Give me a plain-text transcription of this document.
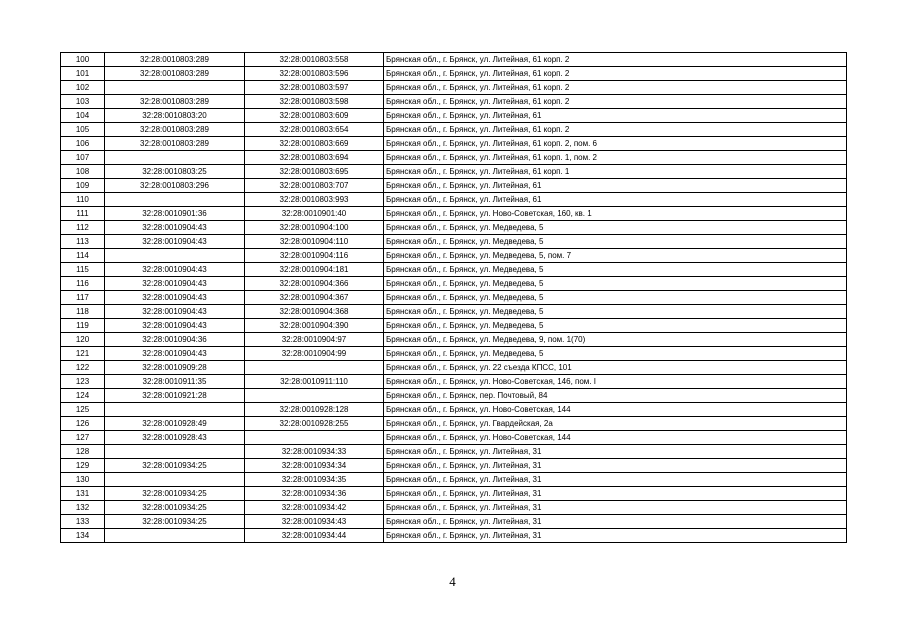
100	32:28:0010803:289	32:28:0010803:558	Брянская обл., г. Брянск, ул. Литейная, 61 корп. 2
101	32:28:0010803:289	32:28:0010803:596	Брянская обл., г. Брянск, ул. Литейная, 61 корп. 2
102		32:28:0010803:597	Брянская обл., г. Брянск, ул. Литейная, 61 корп. 2
103	32:28:0010803:289	32:28:0010803:598	Брянская обл., г. Брянск, ул. Литейная, 61 корп. 2
104	32:28:0010803:20	32:28:0010803:609	Брянская обл., г. Брянск, ул. Литейная, 61
105	32:28:0010803:289	32:28:0010803:654	Брянская обл., г. Брянск, ул. Литейная, 61 корп. 2
106	32:28:0010803:289	32:28:0010803:669	Брянская обл., г. Брянск, ул. Литейная, 61 корп. 2, пом. 6
107		32:28:0010803:694	Брянская обл., г. Брянск, ул. Литейная, 61 корп. 1, пом. 2
108	32:28:0010803:25	32:28:0010803:695	Брянская обл., г. Брянск, ул. Литейная, 61 корп. 1
109	32:28:0010803:296	32:28:0010803:707	Брянская обл., г. Брянск, ул. Литейная, 61
110		32:28:0010803:993	Брянская обл., г. Брянск, ул. Литейная, 61
111	32:28:0010901:36	32:28:0010901:40	Брянская обл., г. Брянск, ул. Ново-Советская, 160, кв. 1
112	32:28:0010904:43	32:28:0010904:100	Брянская обл., г. Брянск, ул. Медведева, 5
113	32:28:0010904:43	32:28:0010904:110	Брянская обл., г. Брянск, ул. Медведева, 5
114		32:28:0010904:116	Брянская обл., г. Брянск, ул. Медведева, 5, пом. 7
115	32:28:0010904:43	32:28:0010904:181	Брянская обл., г. Брянск, ул. Медведева, 5
116	32:28:0010904:43	32:28:0010904:366	Брянская обл., г. Брянск, ул. Медведева, 5
117	32:28:0010904:43	32:28:0010904:367	Брянская обл., г. Брянск, ул. Медведева, 5
118	32:28:0010904:43	32:28:0010904:368	Брянская обл., г. Брянск, ул. Медведева, 5
119	32:28:0010904:43	32:28:0010904:390	Брянская обл., г. Брянск, ул. Медведева, 5
120	32:28:0010904:36	32:28:0010904:97	Брянская обл., г. Брянск, ул. Медведева, 9, пом. 1(70)
121	32:28:0010904:43	32:28:0010904:99	Брянская обл., г. Брянск, ул. Медведева, 5
122	32:28:0010909:28		Брянская обл., г. Брянск, ул. 22 съезда КПСС, 101
123	32:28:0010911:35	32:28:0010911:110	Брянская обл., г. Брянск, ул. Ново-Советская, 146, пом. I
124	32:28:0010921:28		Брянская обл., г. Брянск, пер. Почтовый, 84
125		32:28:0010928:128	Брянская обл., г. Брянск, ул. Ново-Советская, 144
126	32:28:0010928:49	32:28:0010928:255	Брянская обл., г. Брянск, ул. Гвардейская, 2а
127	32:28:0010928:43		Брянская обл., г. Брянск, ул. Ново-Советская, 144
128		32:28:0010934:33	Брянская обл., г. Брянск, ул. Литейная, 31
129	32:28:0010934:25	32:28:0010934:34	Брянская обл., г. Брянск, ул. Литейная, 31
130		32:28:0010934:35	Брянская обл., г. Брянск, ул. Литейная, 31
131	32:28:0010934:25	32:28:0010934:36	Брянская обл., г. Брянск, ул. Литейная, 31
132	32:28:0010934:25	32:28:0010934:42	Брянская обл., г. Брянск, ул. Литейная, 31
133	32:28:0010934:25	32:28:0010934:43	Брянская обл., г. Брянск, ул. Литейная, 31
134		32:28:0010934:44	Брянская обл., г. Брянск, ул. Литейная, 31
4
